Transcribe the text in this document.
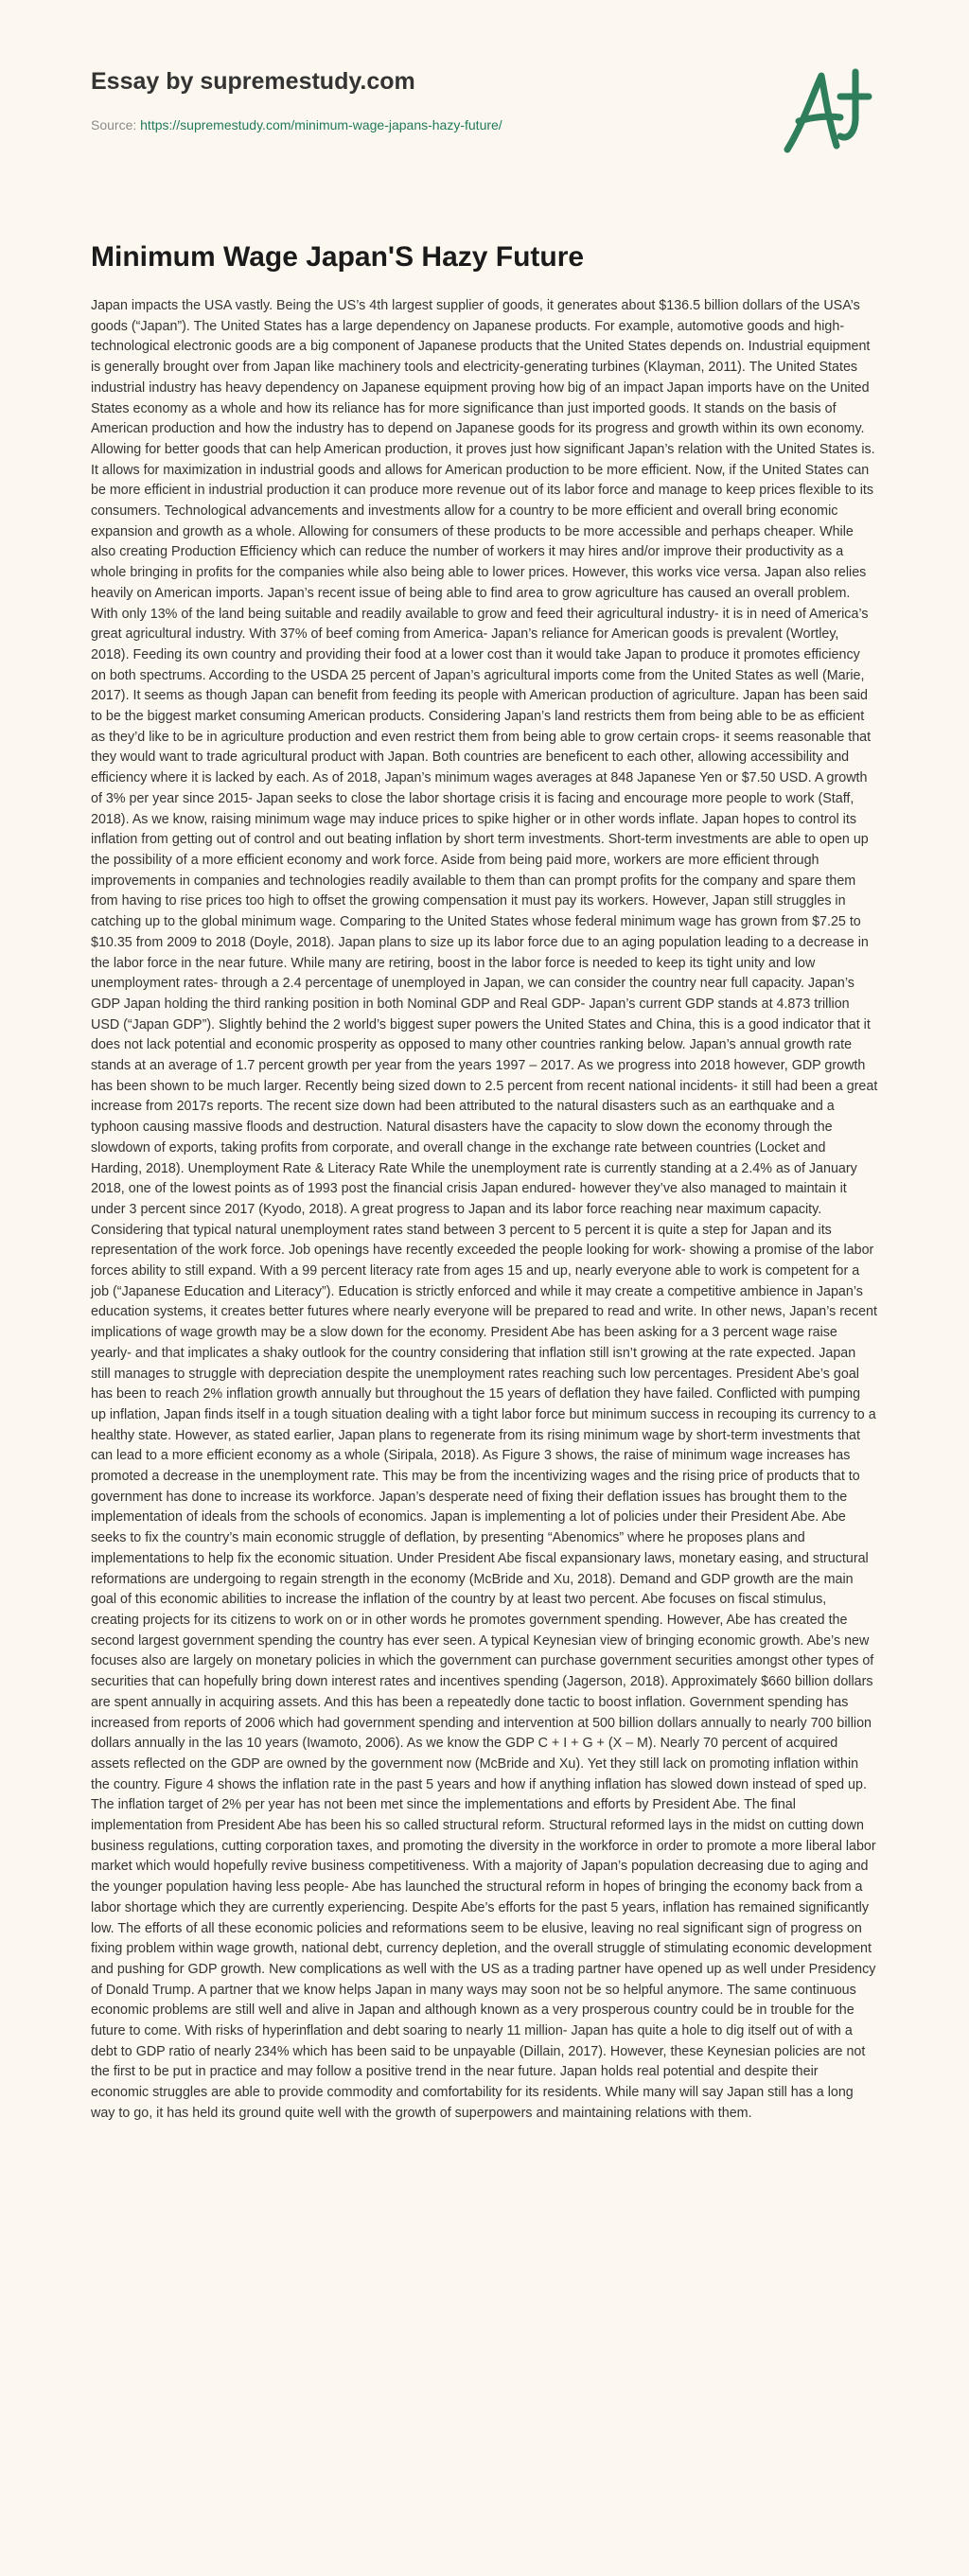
Essay by supremestudy.com
Source: https://supremestudy.com/minimum-wage-japans-hazy-future/
Minimum Wage Japan'S Hazy Future

Japan impacts the USA vastly. Being the US’s 4th largest supplier of goods, it generates about $136.5 billion dollars of the USA’s goods (“Japan”). The United States has a large dependency on Japanese products. For example, automotive goods and high-technological electronic goods are a big component of Japanese products that the United States depends on. Industrial equipment is generally brought over from Japan like machinery tools and electricity-generating turbines (Klayman, 2011). The United States industrial industry has heavy dependency on Japanese equipment proving how big of an impact Japan imports have on the United States economy as a whole and how its reliance has for more significance than just imported goods. It stands on the basis of American production and how the industry has to depend on Japanese goods for its progress and growth within its own economy. Allowing for better goods that can help American production, it proves just how significant Japan’s relation with the United States is. It allows for maximization in industrial goods and allows for American production to be more efficient. Now, if the United States can be more efficient in industrial production it can produce more revenue out of its labor force and manage to keep prices flexible to its consumers. Technological advancements and investments allow for a country to be more efficient and overall bring economic expansion and growth as a whole. Allowing for consumers of these products to be more accessible and perhaps cheaper. While also creating Production Efficiency which can reduce the number of workers it may hires and/or improve their productivity as a whole bringing in profits for the companies while also being able to lower prices. However, this works vice versa. Japan also relies heavily on American imports. Japan’s recent issue of being able to find area to grow agriculture has caused an overall problem. With only 13% of the land being suitable and readily available to grow and feed their agricultural industry- it is in need of America’s great agricultural industry. With 37% of beef coming from America- Japan’s reliance for American goods is prevalent (Wortley, 2018). Feeding its own country and providing their food at a lower cost than it would take Japan to produce it promotes efficiency on both spectrums. According to the USDA 25 percent of Japan’s agricultural imports come from the United States as well (Marie, 2017). It seems as though Japan can benefit from feeding its people with American production of agriculture. Japan has been said to be the biggest market consuming American products. Considering Japan’s land restricts them from being able to be as efficient as they’d like to be in agriculture production and even restrict them from being able to grow certain crops- it seems reasonable that they would want to trade agricultural product with Japan. Both countries are beneficent to each other, allowing accessibility and efficiency where it is lacked by each. As of 2018, Japan’s minimum wages averages at 848 Japanese Yen or $7.50 USD. A growth of 3% per year since 2015- Japan seeks to close the labor shortage crisis it is facing and encourage more people to work (Staff, 2018). As we know, raising minimum wage may induce prices to spike higher or in other words inflate. Japan hopes to control its inflation from getting out of control and out beating inflation by short term investments. Short-term investments are able to open up the possibility of a more efficient economy and work force. Aside from being paid more, workers are more efficient through improvements in companies and technologies readily available to them than can prompt profits for the company and spare them from having to rise prices too high to offset the growing compensation it must pay its workers. However, Japan still struggles in catching up to the global minimum wage. Comparing to the United States whose federal minimum wage has grown from $7.25 to $10.35 from 2009 to 2018 (Doyle, 2018). Japan plans to size up its labor force due to an aging population leading to a decrease in the labor force in the near future. While many are retiring, boost in the labor force is needed to keep its tight unity and low unemployment rates- through a 2.4 percentage of unemployed in Japan, we can consider the country near full capacity. Japan’s GDP Japan holding the third ranking position in both Nominal GDP and Real GDP- Japan’s current GDP stands at 4.873 trillion USD (“Japan GDP”). Slightly behind the 2 world’s biggest super powers the United States and China, this is a good indicator that it does not lack potential and economic prosperity as opposed to many other countries ranking below. Japan’s annual growth rate stands at an average of 1.7 percent growth per year from the years 1997 – 2017. As we progress into 2018 however, GDP growth has been shown to be much larger. Recently being sized down to 2.5 percent from recent national incidents- it still had been a great increase from 2017s reports. The recent size down had been attributed to the natural disasters such as an earthquake and a typhoon causing massive floods and destruction. Natural disasters have the capacity to slow down the economy through the slowdown of exports, taking profits from corporate, and overall change in the exchange rate between countries (Locket and Harding, 2018). Unemployment Rate & Literacy Rate While the unemployment rate is currently standing at a 2.4% as of January 2018, one of the lowest points as of 1993 post the financial crisis Japan endured- however they’ve also managed to maintain it under 3 percent since 2017 (Kyodo, 2018). A great progress to Japan and its labor force reaching near maximum capacity. Considering that typical natural unemployment rates stand between 3 percent to 5 percent it is quite a step for Japan and its representation of the work force. Job openings have recently exceeded the people looking for work- showing a promise of the labor forces ability to still expand. With a 99 percent literacy rate from ages 15 and up, nearly everyone able to work is competent for a job (“Japanese Education and Literacy”). Education is strictly enforced and while it may create a competitive ambience in Japan’s education systems, it creates better futures where nearly everyone will be prepared to read and write. In other news, Japan’s recent implications of wage growth may be a slow down for the economy. President Abe has been asking for a 3 percent wage raise yearly- and that implicates a shaky outlook for the country considering that inflation still isn’t growing at the rate expected. Japan still manages to struggle with depreciation despite the unemployment rates reaching such low percentages. President Abe’s goal has been to reach 2% inflation growth annually but throughout the 15 years of deflation they have failed. Conflicted with pumping up inflation, Japan finds itself in a tough situation dealing with a tight labor force but minimum success in recouping its currency to a healthy state. However, as stated earlier, Japan plans to regenerate from its rising minimum wage by short-term investments that can lead to a more efficient economy as a whole (Siripala, 2018). As Figure 3 shows, the raise of minimum wage increases has promoted a decrease in the unemployment rate. This may be from the incentivizing wages and the rising price of products that to government has done to increase its workforce. Japan’s desperate need of fixing their deflation issues has brought them to the implementation of ideals from the schools of economics. Japan is implementing a lot of policies under their President Abe. Abe seeks to fix the country’s main economic struggle of deflation, by presenting “Abenomics” where he proposes plans and implementations to help fix the economic situation. Under President Abe fiscal expansionary laws, monetary easing, and structural reformations are undergoing to regain strength in the economy (McBride and Xu, 2018). Demand and GDP growth are the main goal of this economic abilities to increase the inflation of the country by at least two percent. Abe focuses on fiscal stimulus, creating projects for its citizens to work on or in other words he promotes government spending. However, Abe has created the second largest government spending the country has ever seen. A typical Keynesian view of bringing economic growth. Abe’s new focuses also are largely on monetary policies in which the government can purchase government securities amongst other types of securities that can hopefully bring down interest rates and incentives spending (Jagerson, 2018). Approximately $660 billion dollars are spent annually in acquiring assets. And this has been a repeatedly done tactic to boost inflation. Government spending has increased from reports of 2006 which had government spending and intervention at 500 billion dollars annually to nearly 700 billion dollars annually in the las 10 years (Iwamoto, 2006). As we know the GDP C + I + G + (X – M). Nearly 70 percent of acquired assets reflected on the GDP are owned by the government now (McBride and Xu). Yet they still lack on promoting inflation within the country. Figure 4 shows the inflation rate in the past 5 years and how if anything inflation has slowed down instead of sped up. The inflation target of 2% per year has not been met since the implementations and efforts by President Abe. The final implementation from President Abe has been his so called structural reform. Structural reformed lays in the midst on cutting down business regulations, cutting corporation taxes, and promoting the diversity in the workforce in order to promote a more liberal labor market which would hopefully revive business competitiveness. With a majority of Japan’s population decreasing due to aging and the younger population having less people- Abe has launched the structural reform in hopes of bringing the economy back from a labor shortage which they are currently experiencing. Despite Abe’s efforts for the past 5 years, inflation has remained significantly low. The efforts of all these economic policies and reformations seem to be elusive, leaving no real significant sign of progress on fixing problem within wage growth, national debt, currency depletion, and the overall struggle of stimulating economic development and pushing for GDP growth. New complications as well with the US as a trading partner have opened up as well under Presidency of Donald Trump. A partner that we know helps Japan in many ways may soon not be so helpful anymore. The same continuous economic problems are still well and alive in Japan and although known as a very prosperous country could be in trouble for the future to come. With risks of hyperinflation and debt soaring to nearly 11 million- Japan has quite a hole to dig itself out of with a debt to GDP ratio of nearly 234% which has been said to be unpayable (Dillain, 2017). However, these Keynesian policies are not the first to be put in practice and may follow a positive trend in the near future. Japan holds real potential and despite their economic struggles are able to provide commodity and comfortability for its residents. While many will say Japan still has a long way to go, it has held its ground quite well with the growth of superpowers and maintaining relations with them.
